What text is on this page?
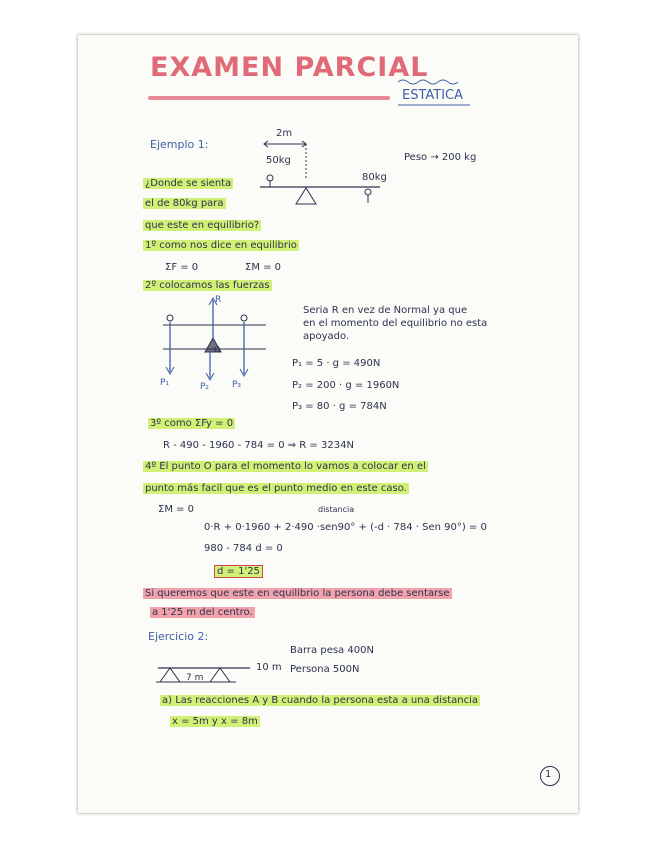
EXAMEN PARCIAL
ESTATICA
Ejemplo 1:
2m
50kg
80kg
Peso → 200 kg
¿Donde se sienta
el de 80kg para
que este en equilibrio?
1º como nos dice en equilibrio
ΣF = 0	ΣM = 0
2º colocamos las fuerzas
Seria R en vez de Normal ya que
en el momento del equilibrio no esta
apoyado.
P₁ = 5 · g = 490N
P₂ = 200 · g = 1960N
P₃ = 80 · g = 784N
R
P₁	P₂	P₃
3º como ΣFy = 0
R - 490 - 1960 - 784 = 0 ⇒ R = 3234N
4º El punto O para el momento lo vamos a colocar en el
punto más facil que es el punto medio en este caso.
ΣM = 0	distancia
0·R + 0·1960 + 2·490 ·sen90° + (-d · 784 · Sen 90°) = 0
980 - 784 d = 0
d = 1'25
Si queremos que este en equilibrio la persona debe sentarse
a 1'25 m del centro.
Ejercicio 2:
Barra pesa 400N
Persona 500N
10 m
7 m
a) Las reacciones A y B cuando la persona esta a una distancia
x = 5m y x = 8m
1
